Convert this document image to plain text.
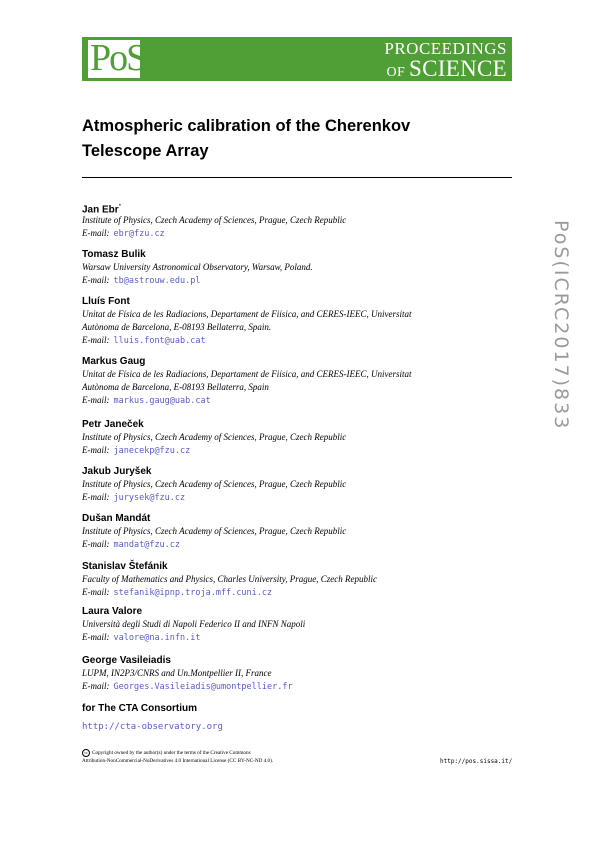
PoS	PROCEEDINGS
OF SCIENCE
Atmospheric calibration of the Cherenkov Telescope Array
PoS(ICRC2017)833
Jan Ebr*
Institute of Physics, Czech Academy of Sciences, Prague, Czech Republic
E-mail: ebr@fzu.cz
Tomasz Bulik
Warsaw University Astronomical Observatory, Warsaw, Poland.
E-mail: tb@astrouw.edu.pl
Lluís Font
Unitat de Física de les Radiacions, Departament de Fiísica, and CERES-IEEC, Universitat
Autònoma de Barcelona, E-08193 Bellaterra, Spain.
E-mail: lluis.font@uab.cat
Markus Gaug
Unitat de Física de les Radiacions, Departament de Fiísica, and CERES-IEEC, Universitat
Autònoma de Barcelona, E-08193 Bellaterra, Spain
E-mail: markus.gaug@uab.cat
Petr Janeček
Institute of Physics, Czech Academy of Sciences, Prague, Czech Republic
E-mail: janecekp@fzu.cz
Jakub Juryšek
Institute of Physics, Czech Academy of Sciences, Prague, Czech Republic
E-mail: jurysek@fzu.cz
Dušan Mandát
Institute of Physics, Czech Academy of Sciences, Prague, Czech Republic
E-mail: mandat@fzu.cz
Stanislav Štefánik
Faculty of Mathematics and Physics, Charles University, Prague, Czech Republic
E-mail: stefanik@ipnp.troja.mff.cuni.cz
Laura Valore
Università degli Studi di Napoli Federico II and INFN Napoli
E-mail: valore@na.infn.it
George Vasileiadis
LUPM, IN2P3/CNRS and Un.Montpellier II, France
E-mail: Georges.Vasileiadis@umontpellier.fr
for The CTA Consortium
http://cta-observatory.org
cc Copyright owned by the author(s) under the terms of the Creative Commons
Attribution-NonCommercial-NoDerivatives 4.0 International License (CC BY-NC-ND 4.0).	http://pos.sissa.it/
